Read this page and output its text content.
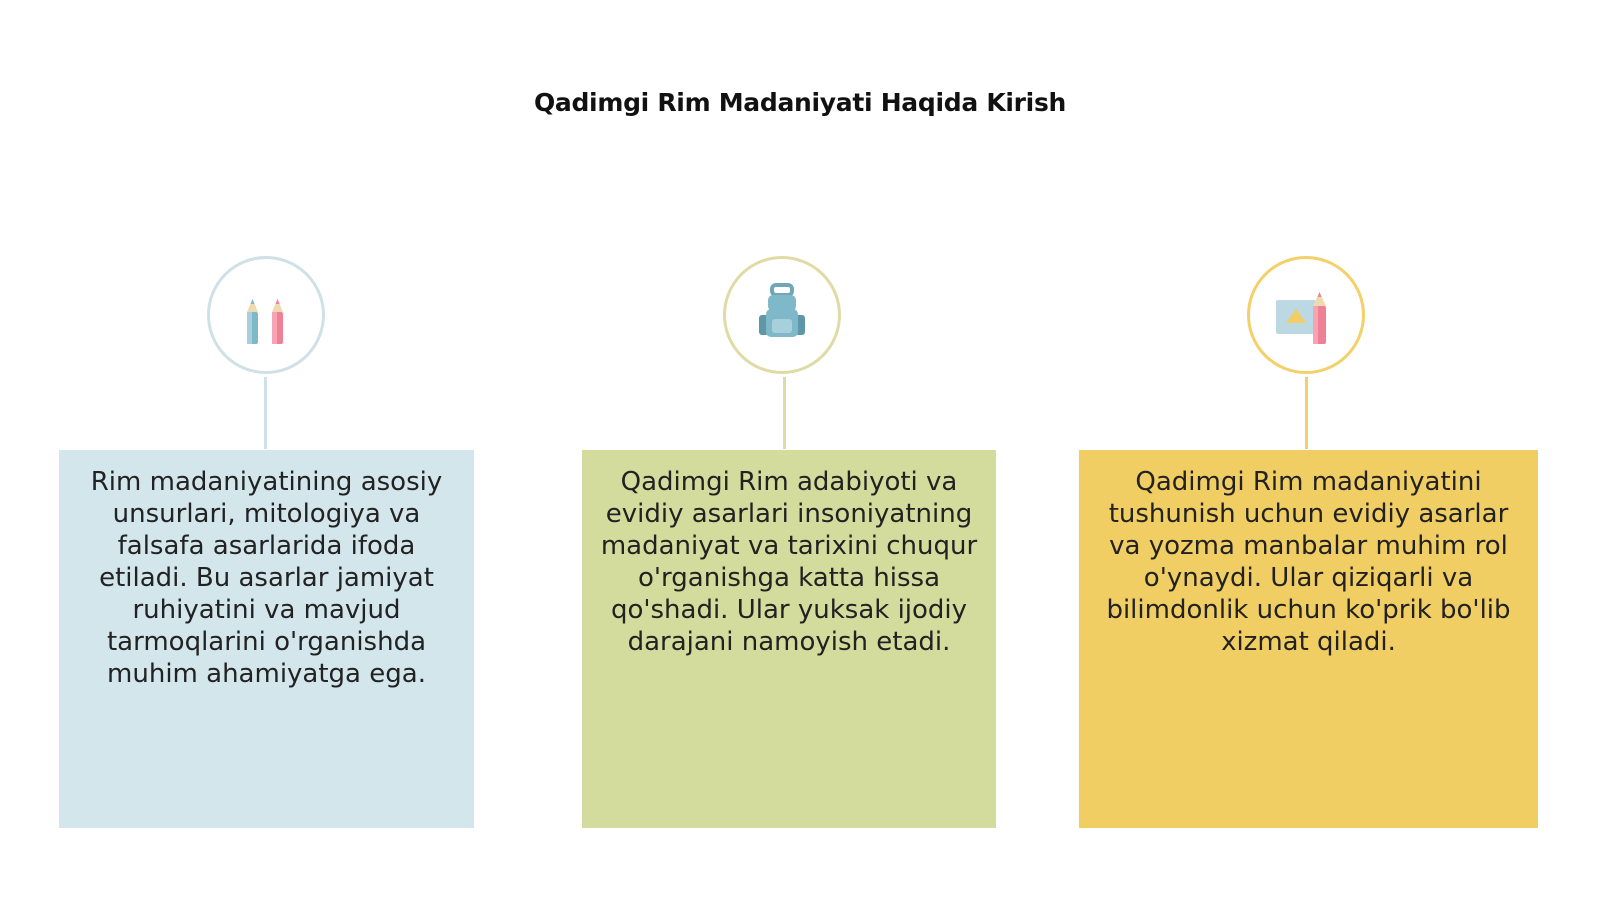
Qadimgi Rim Madaniyati Haqida Kirish

Rim madaniyatining asosiy unsurlari, mitologiya va falsafa asarlarida ifoda etiladi. Bu asarlar jamiyat ruhiyatini va mavjud tarmoqlarini o'rganishda muhim ahamiyatga ega.

Qadimgi Rim adabiyoti va evidiy asarlari insoniyatning madaniyat va tarixini chuqur o'rganishga katta hissa qo'shadi. Ular yuksak ijodiy darajani namoyish etadi.

Qadimgi Rim madaniyatini tushunish uchun evidiy asarlar va yozma manbalar muhim rol o'ynaydi. Ular qiziqarli va bilimdonlik uchun ko'prik bo'lib xizmat qiladi.
